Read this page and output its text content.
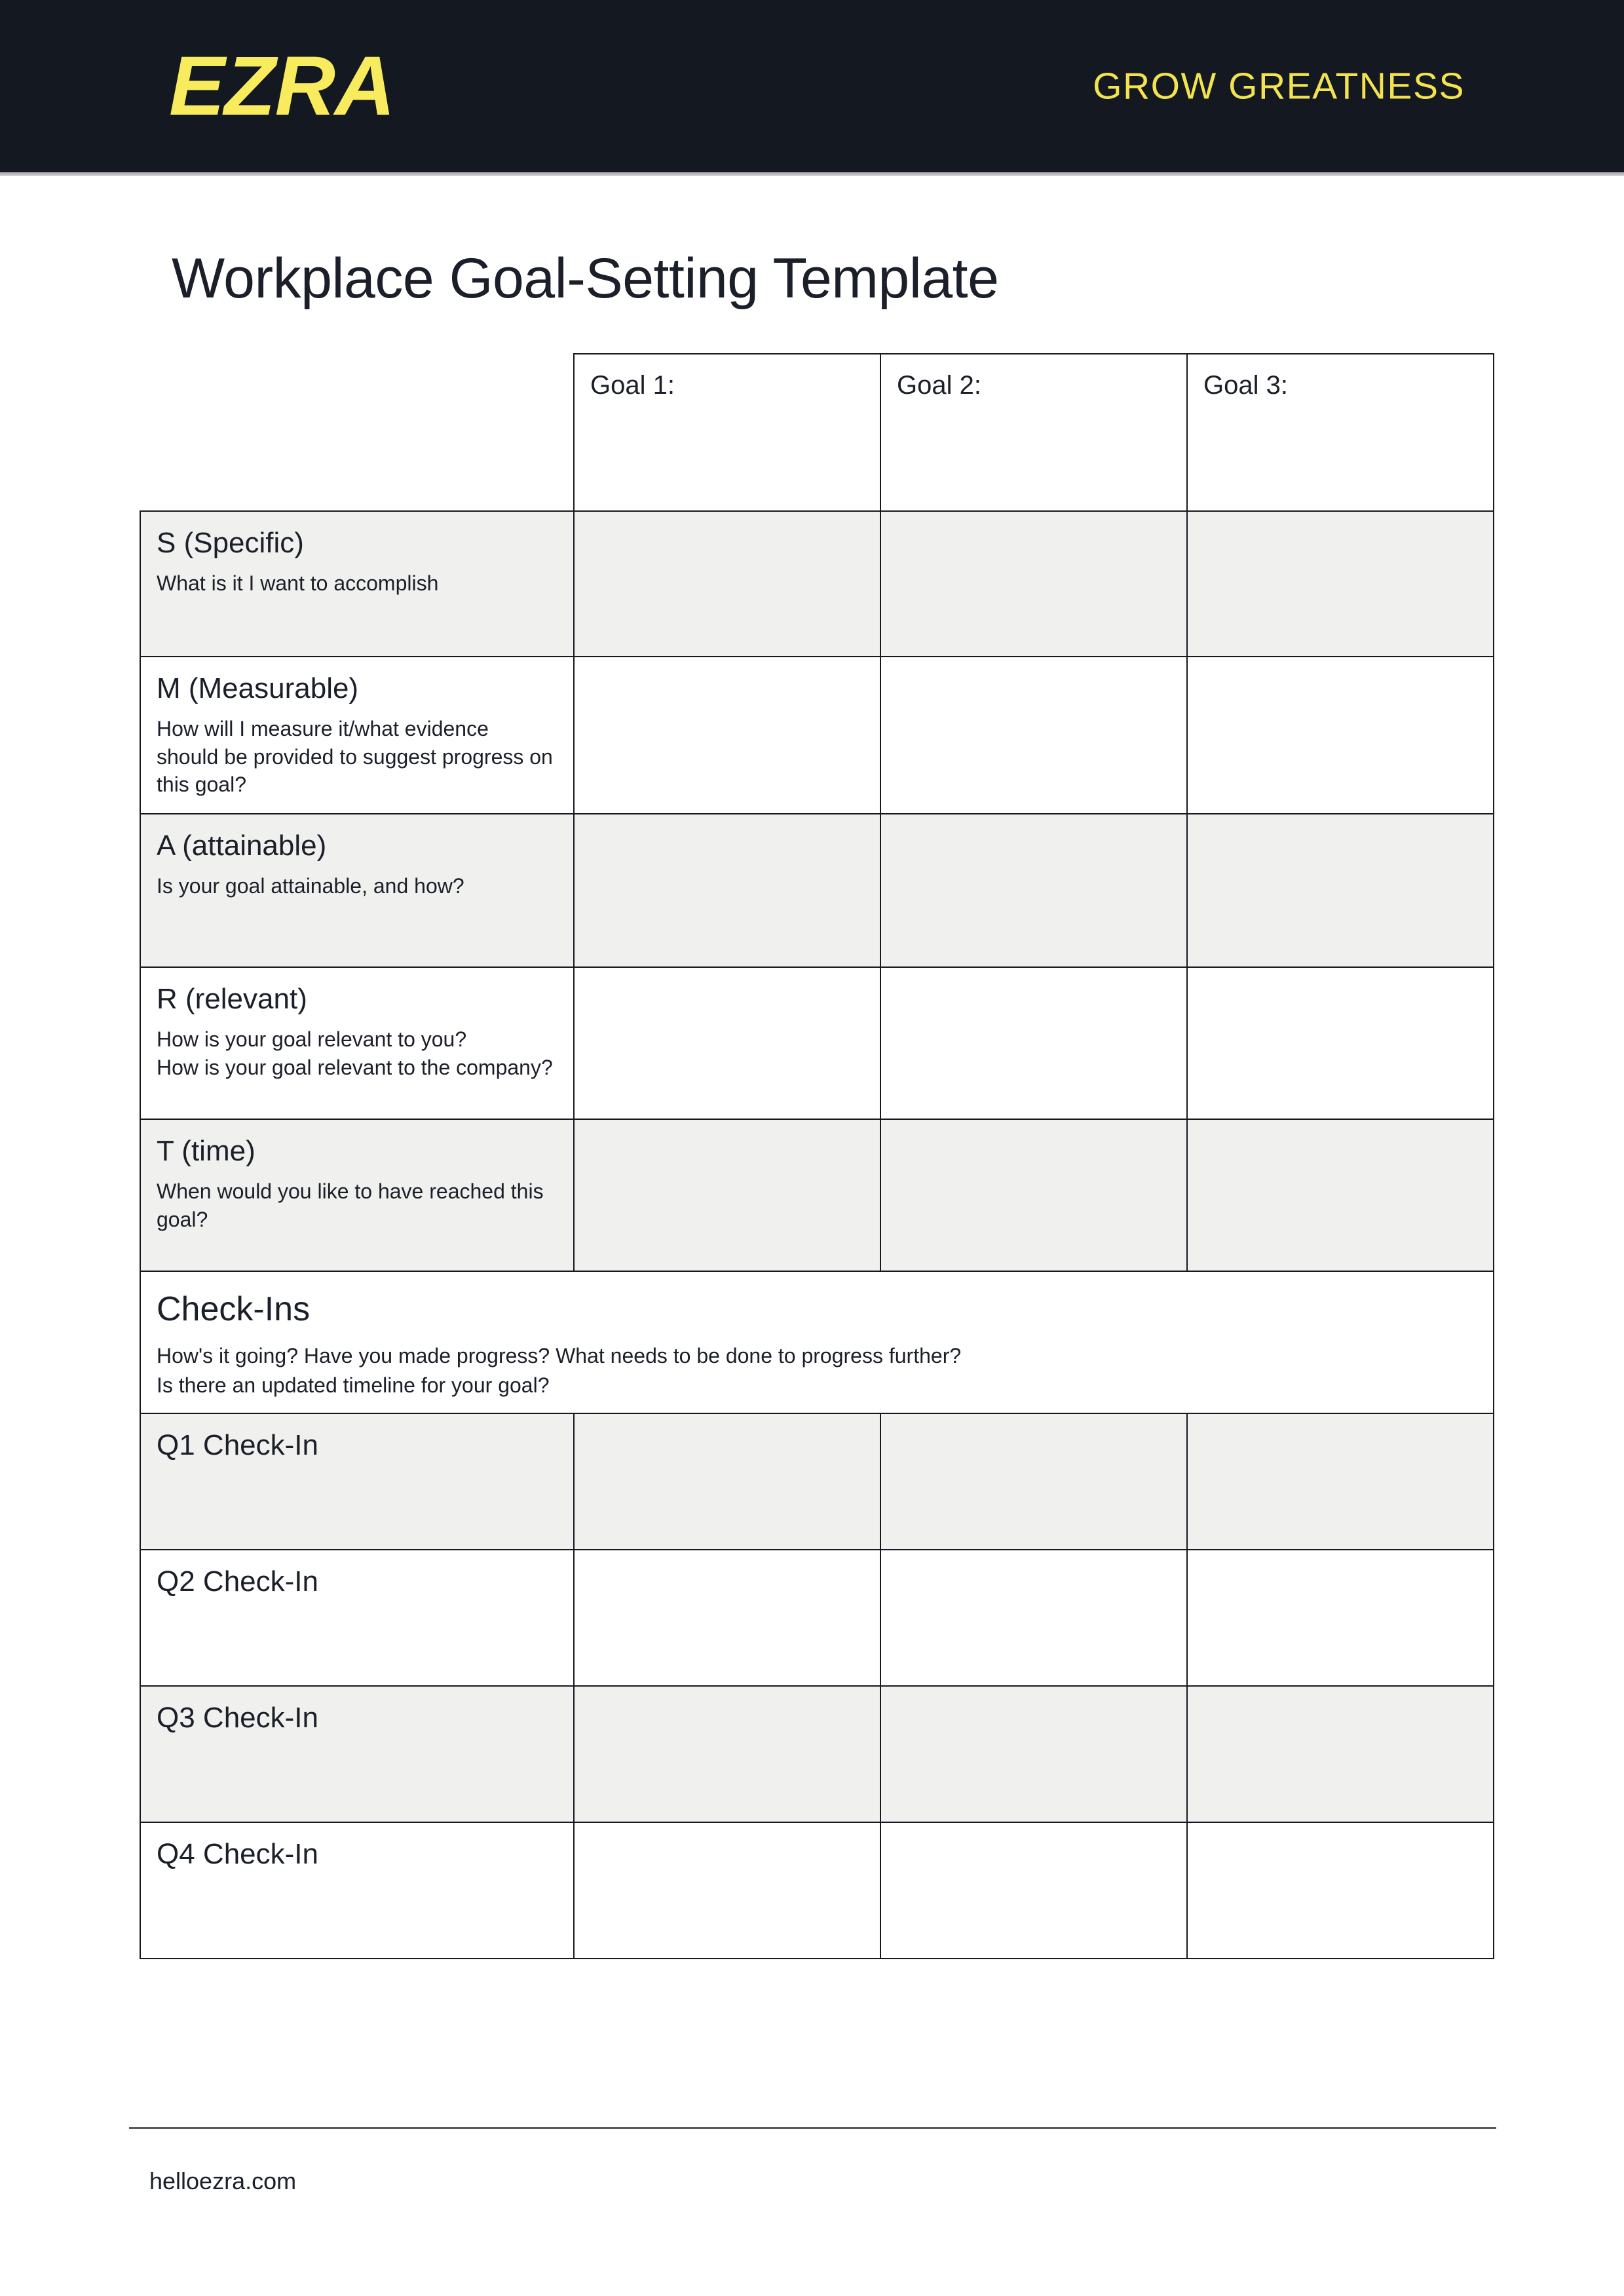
EZRA	GROW GREATNESS
Workplace Goal-Setting Template

	Goal 1:	Goal 2:	Goal 3:

S (Specific)
What is it I want to accomplish			

M (Measurable)
How will I measure it/what evidence
should be provided to suggest progress on
this goal?			

A (attainable)
Is your goal attainable, and how?			

R (relevant)
How is your goal relevant to you?
How is your goal relevant to the company?			

T (time)
When would you like to have reached this
goal?			

Check-Ins
How's it going? Have you made progress? What needs to be done to progress further?
Is there an updated timeline for your goal?			

Q1 Check-In			

Q2 Check-In			

Q3 Check-In			

Q4 Check-In			

helloezra.com
